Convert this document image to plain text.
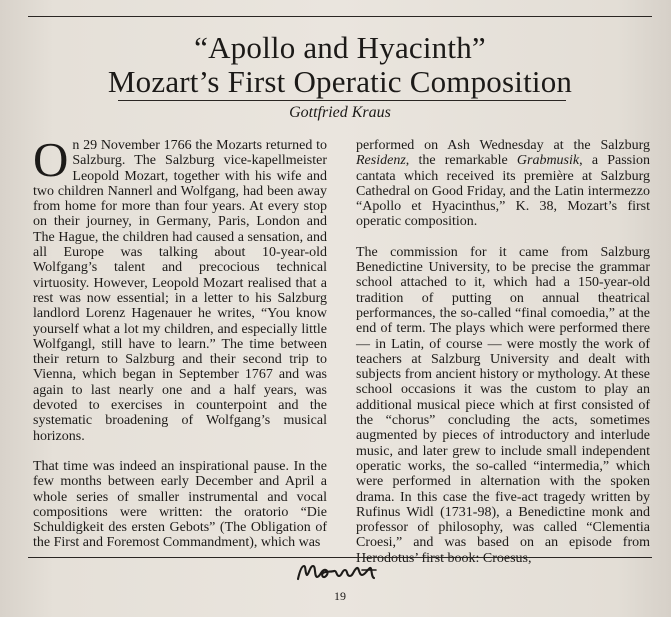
“Apollo and Hyacinth”
Mozart’s First Operatic Composition
Gottfried Kraus

On 29 November 1766 the Mozarts returned to Salzburg. The Salzburg vice-kapellmeister Leopold Mozart, together with his wife and two children Nannerl and Wolfgang, had been away from home for more than four years. At every stop on their journey, in Germany, Paris, London and The Hague, the children had caused a sensation, and all Europe was talking about 10-year-old Wolfgang’s talent and precocious technical virtuosity. However, Leopold Mozart realised that a rest was now essential; in a letter to his Salzburg landlord Lorenz Hagenauer he writes, “You know yourself what a lot my children, and especially little Wolfgangl, still have to learn.” The time between their return to Salzburg and their second trip to Vienna, which began in September 1767 and was again to last nearly one and a half years, was devoted to exercises in counterpoint and the systematic broadening of Wolfgang’s musical horizons.

That time was indeed an inspirational pause. In the few months between early December and April a whole series of smaller instrumental and vocal compositions were written: the oratorio “Die Schuldigkeit des ersten Gebots” (The Obligation of the First and Foremost Commandment), which was

performed on Ash Wednesday at the Salzburg Residenz, the remarkable Grabmusik, a Passion cantata which received its première at Salzburg Cathedral on Good Friday, and the Latin intermezzo “Apollo et Hyacinthus,” K. 38, Mozart’s first operatic composition.

The commission for it came from Salzburg Benedictine University, to be precise the grammar school attached to it, which had a 150-year-old tradition of putting on annual theatrical performances, the so-called “final comoedia,” at the end of term. The plays which were performed there — in Latin, of course — were mostly the work of teachers at Salzburg University and dealt with subjects from ancient history or mythology. At these school occasions it was the custom to play an additional musical piece which at first consisted of the “chorus” concluding the acts, sometimes augmented by pieces of introductory and interlude music, and later grew to include small independent operatic works, the so-called “intermedia,” which were performed in alternation with the spoken drama. In this case the five-act tragedy written by Rufinus Widl (1731-98), a Benedictine monk and professor of philosophy, was called “Clementia Croesi,” and was based on an episode from Herodotus’ first book: Croesus,

19
